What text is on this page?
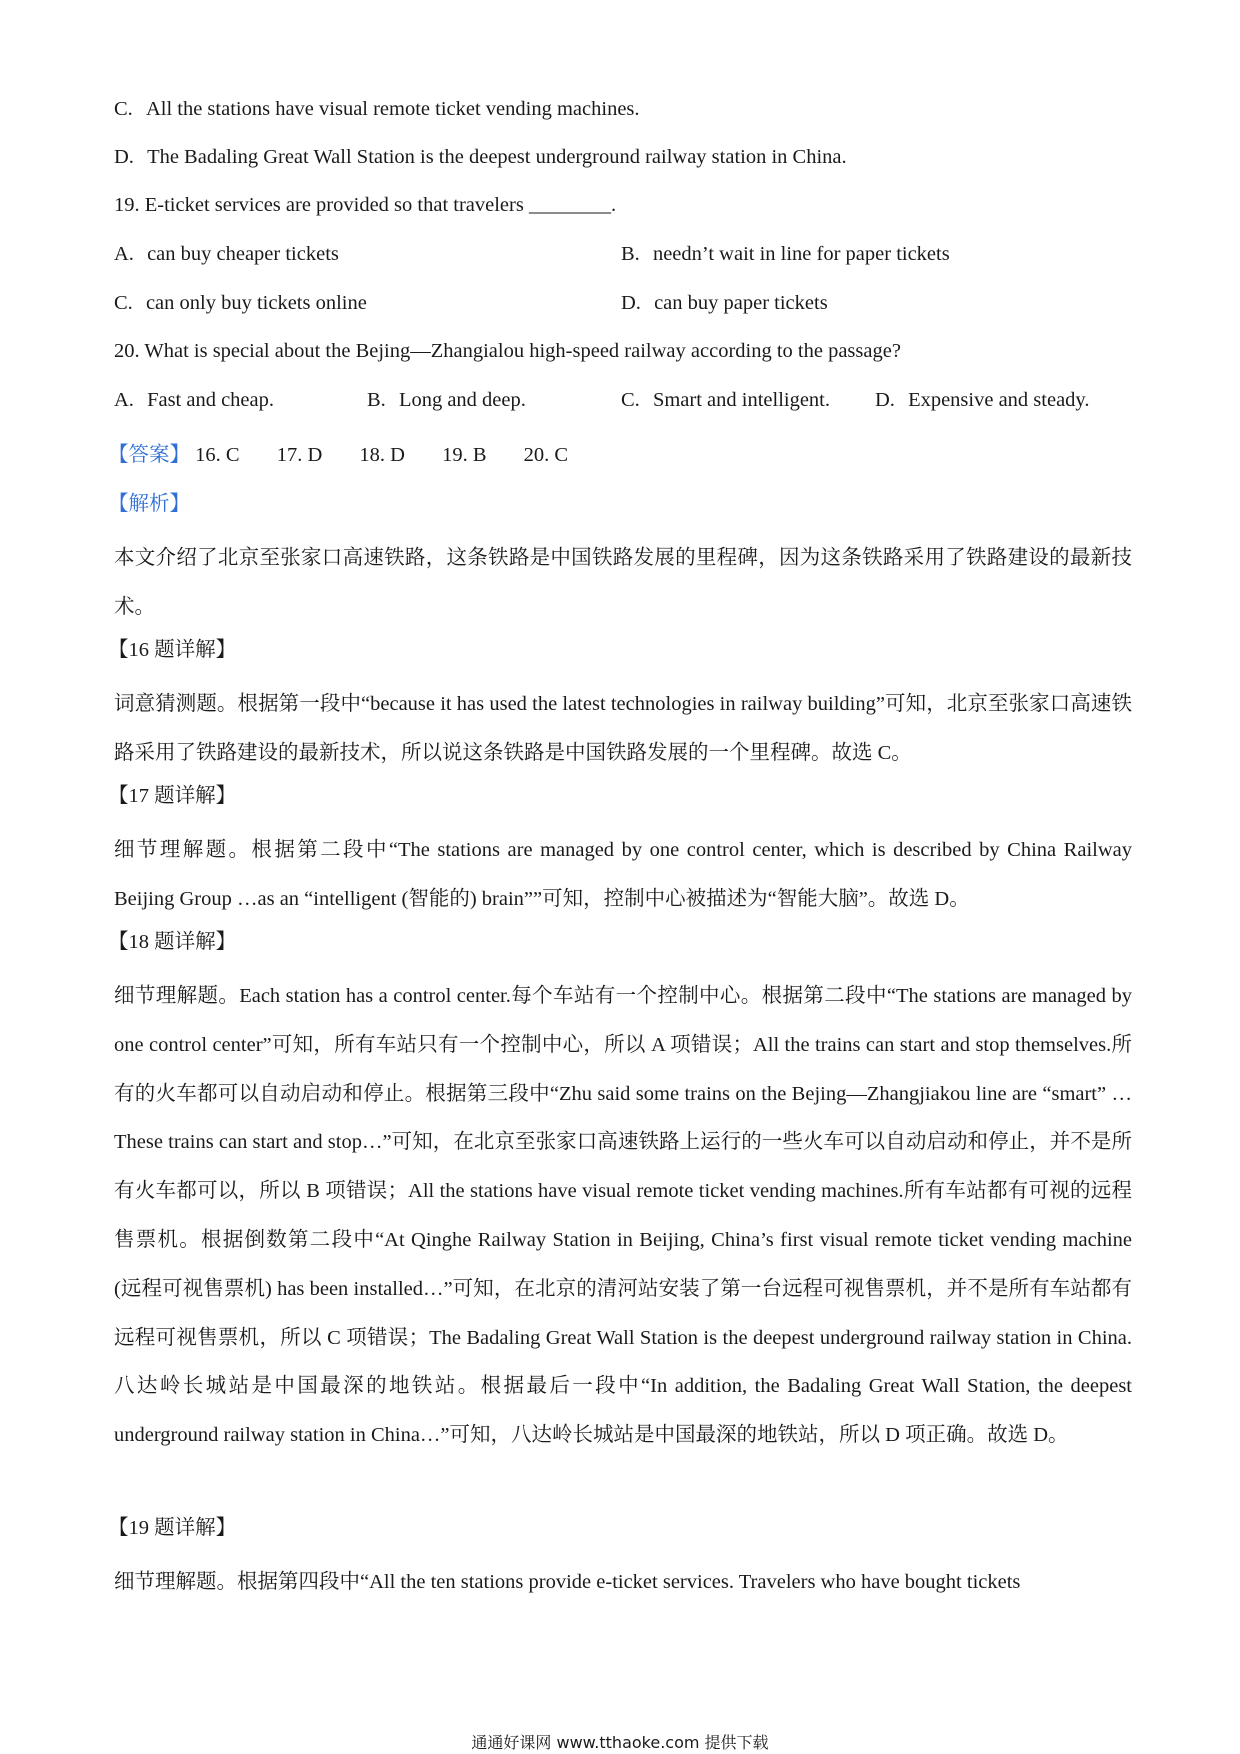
C. All the stations have visual remote ticket vending machines.
D. The Badaling Great Wall Station is the deepest underground railway station in China.
19. E-ticket services are provided so that travelers ________.
A. can buy cheaper tickets	B. needn’t wait in line for paper tickets
C. can only buy tickets online	D. can buy paper tickets
20. What is special about the Bejing—Zhangialou high-speed railway according to the passage?
A. Fast and cheap.	B. Long and deep.	C. Smart and intelligent. D. Expensive and steady.
【答案】 16. C 17. D 18. D 19. B 20. C
【解析】
本文介绍了北京至张家口高速铁路，这条铁路是中国铁路发展的里程碑，因为这条铁路采用了铁路建设的最新技术。
【16 题详解】
词意猜测题。根据第一段中“because it has used the latest technologies in railway building”可知，北京至张家口高速铁路采用了铁路建设的最新技术，所以说这条铁路是中国铁路发展的一个里程碑。故选 C。
【17 题详解】
细节理解题。根据第二段中“The stations are managed by one control center, which is described by China Railway Beijing Group …as an “intelligent (智能的) brain””可知，控制中心被描述为“智能大脑”。故选 D。
【18 题详解】
细节理解题。Each station has a control center.每个车站有一个控制中心。根据第二段中“The stations are managed by one control center”可知，所有车站只有一个控制中心，所以 A 项错误；All the trains can start and stop themselves.所有的火车都可以自动启动和停止。根据第三段中“Zhu said some trains on the Bejing—Zhangjiakou line are “smart” …These trains can start and stop…”可知，在北京至张家口高速铁路上运行的一些火车可以自动启动和停止，并不是所有火车都可以，所以 B 项错误；All the stations have visual remote ticket vending machines.所有车站都有可视的远程售票机。根据倒数第二段中“At Qinghe Railway Station in Beijing, China’s first visual remote ticket vending machine (远程可视售票机) has been installed…”可知，在北京的清河站安装了第一台远程可视售票机，并不是所有车站都有远程可视售票机，所以 C 项错误；The Badaling Great Wall Station is the deepest underground railway station in China.八达岭长城站是中国最深的地铁站。根据最后一段中“In addition, the Badaling Great Wall Station, the deepest underground railway station in China…”可知，八达岭长城站是中国最深的地铁站，所以 D 项正确。故选 D。
【19 题详解】
细节理解题。根据第四段中“All the ten stations provide e-ticket services. Travelers who have bought tickets
通通好课网 www.tthaoke.com 提供下载
